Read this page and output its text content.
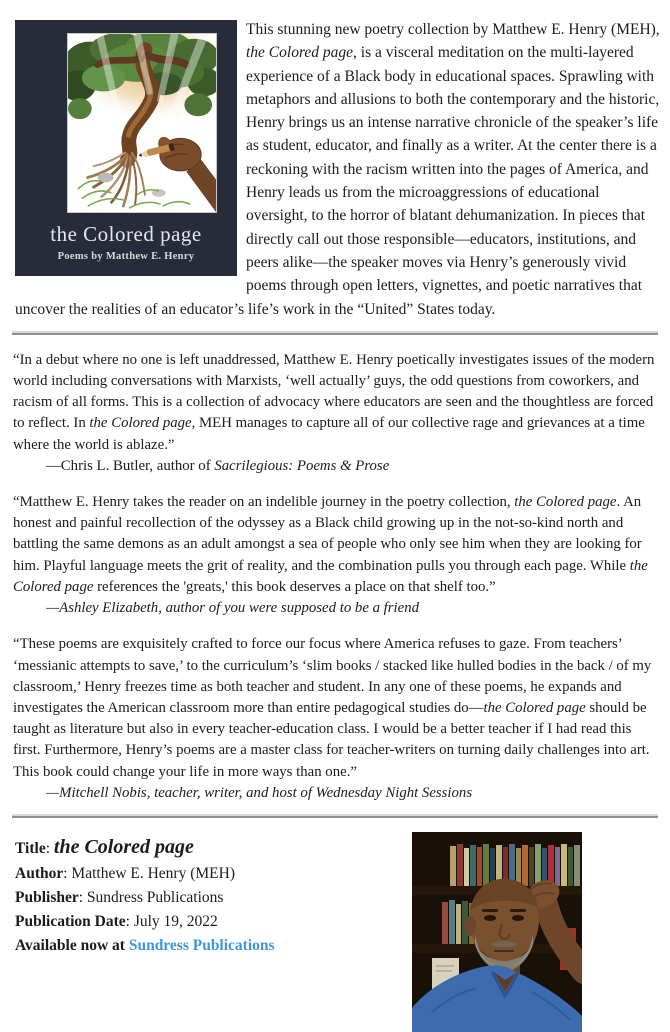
the Colored page
Poems by Matthew E. Henry

This stunning new poetry collection by Matthew E. Henry (MEH), the Colored page, is a visceral meditation on the multi-layered experience of a Black body in educational spaces. Sprawling with metaphors and allusions to both the contemporary and the historic, Henry brings us an intense narrative chronicle of the speaker’s life as student, educator, and finally as a writer. At the center there is a reckoning with the racism written into the pages of America, and Henry leads us from the microaggressions of educational oversight, to the horror of blatant dehumanization. In pieces that directly call out those responsible—educators, institutions, and peers alike—the speaker moves via Henry’s generously vivid poems through open letters, vignettes, and poetic narratives that uncover the realities of an educator’s life’s work in the “United” States today.

“In a debut where no one is left unaddressed, Matthew E. Henry poetically investigates issues of the modern world including conversations with Marxists, ‘well actually’ guys, the odd questions from coworkers, and racism of all forms. This is a collection of advocacy where educators are seen and the thoughtless are forced to reflect. In the Colored page, MEH manages to capture all of our collective rage and grievances at a time where the world is ablaze.”

—Chris L. Butler, author of Sacrilegious: Poems & Prose

“Matthew E. Henry takes the reader on an indelible journey in the poetry collection, the Colored page. An honest and painful recollection of the odyssey as a Black child growing up in the not-so-kind north and battling the same demons as an adult amongst a sea of people who only see him when they are looking for him. Playful language meets the grit of reality, and the combination pulls you through each page. While the Colored page references the 'greats,' this book deserves a place on that shelf too.”

—Ashley Elizabeth, author of you were supposed to be a friend

“These poems are exquisitely crafted to force our focus where America refuses to gaze. From teachers’ ‘messianic attempts to save,’ to the curriculum’s ‘slim books / stacked like hulled bodies in the back / of my classroom,’ Henry freezes time as both teacher and student. In any one of these poems, he expands and investigates the American classroom more than entire pedagogical studies do—the Colored page should be taught as literature but also in every teacher-education class. I would be a better teacher if I had read this first. Furthermore, Henry’s poems are a master class for teacher-writers on turning daily challenges into art. This book could change your life in more ways than one.”

—Mitchell Nobis, teacher, writer, and host of Wednesday Night Sessions

Title: the Colored page
Author: Matthew E. Henry (MEH)
Publisher: Sundress Publications
Publication Date: July 19, 2022
Available now at Sundress Publications
